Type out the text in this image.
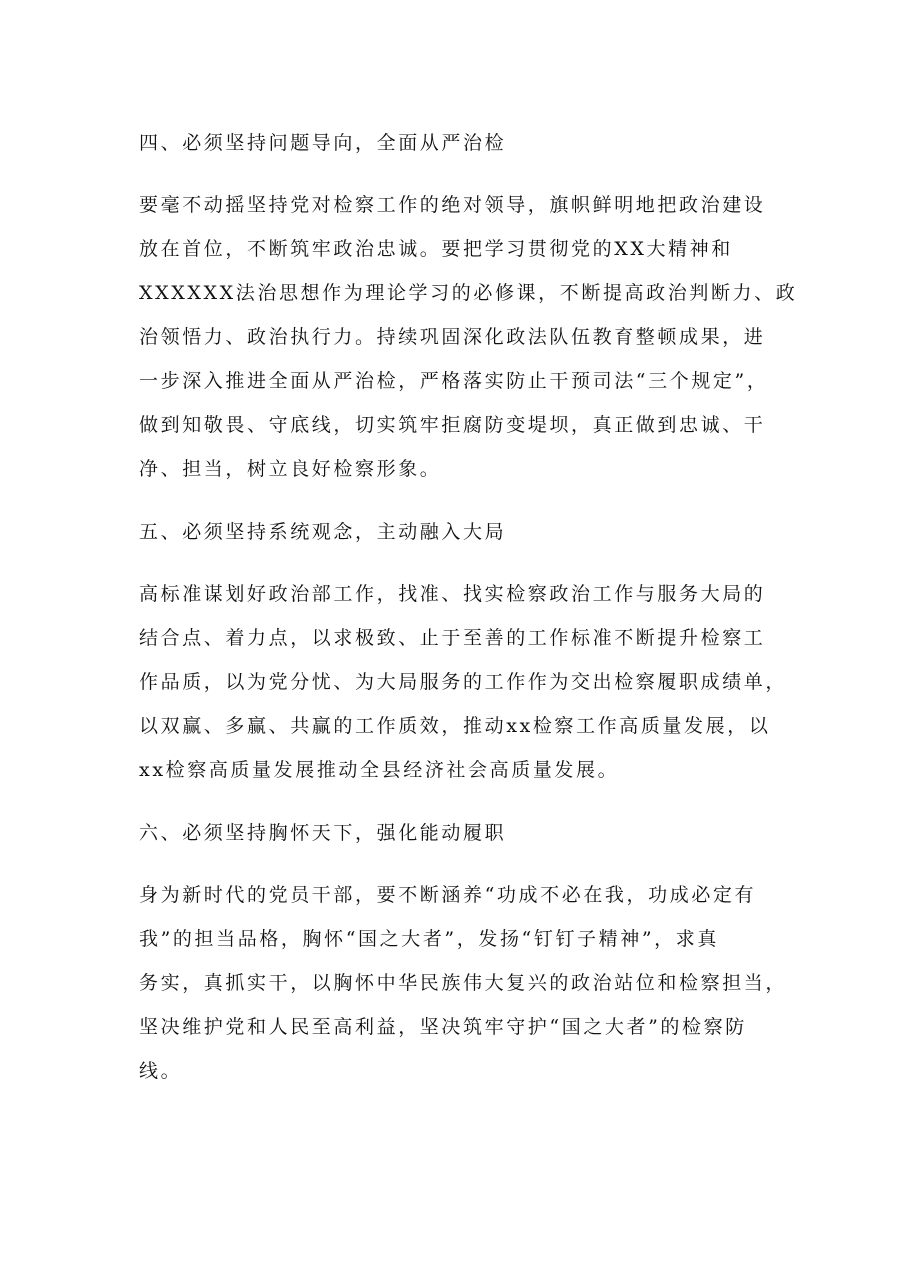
四、必须坚持问题导向，全面从严治检
要毫不动摇坚持党对检察工作的绝对领导，旗帜鲜明地把政治建设
放在首位，不断筑牢政治忠诚。要把学习贯彻党的XX大精神和
XXXXXX法治思想作为理论学习的必修课，不断提高政治判断力、政
治领悟力、政治执行力。持续巩固深化政法队伍教育整顿成果，进
一步深入推进全面从严治检，严格落实防止干预司法“三个规定”，
做到知敬畏、守底线，切实筑牢拒腐防变堤坝，真正做到忠诚、干
净、担当，树立良好检察形象。
五、必须坚持系统观念，主动融入大局
高标准谋划好政治部工作，找准、找实检察政治工作与服务大局的
结合点、着力点，以求极致、止于至善的工作标准不断提升检察工
作品质，以为党分忧、为大局服务的工作作为交出检察履职成绩单，
以双赢、多赢、共赢的工作质效，推动xx检察工作高质量发展，以
xx检察高质量发展推动全县经济社会高质量发展。
六、必须坚持胸怀天下，强化能动履职
身为新时代的党员干部，要不断涵养“功成不必在我，功成必定有
我”的担当品格，胸怀“国之大者”，发扬“钉钉子精神”，求真
务实，真抓实干，以胸怀中华民族伟大复兴的政治站位和检察担当，
坚决维护党和人民至高利益，坚决筑牢守护“国之大者”的检察防
线。
